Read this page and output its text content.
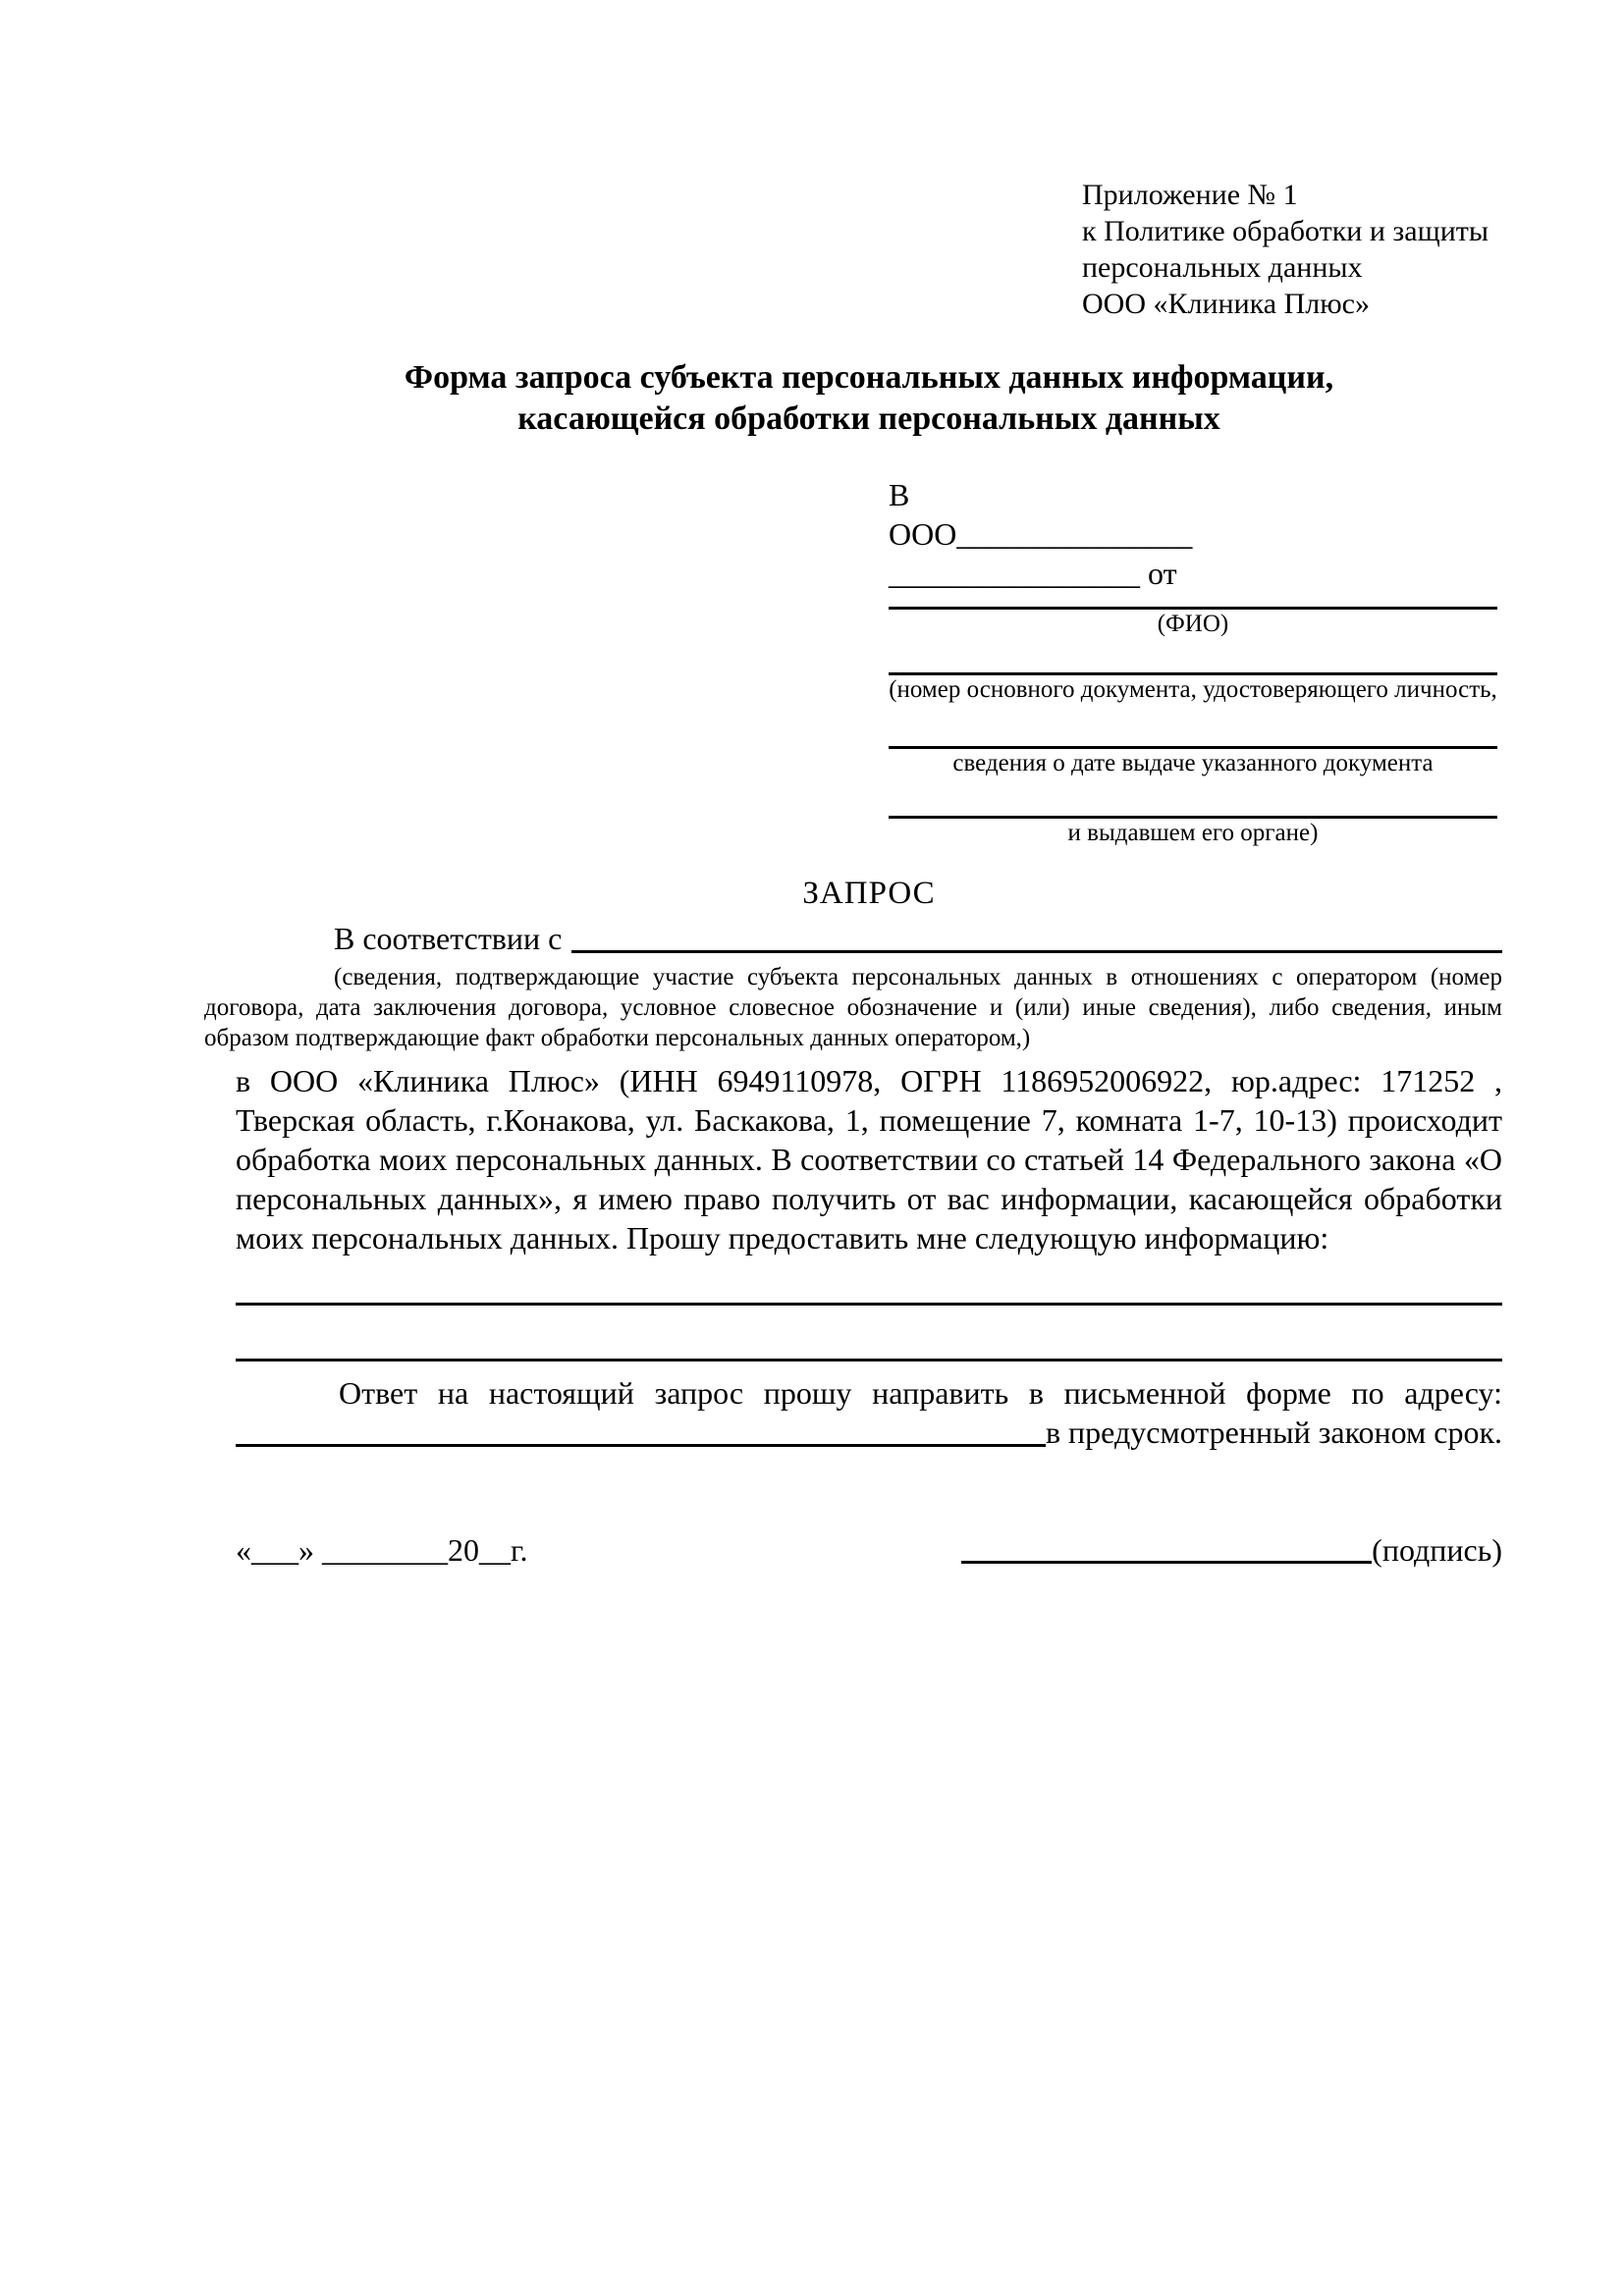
Приложение № 1
к Политике обработки и защиты
персональных данных
ООО «Клиника Плюс»
Форма запроса субъекта персональных данных информации,
касающейся обработки персональных данных
В
ООО_______________
________________ от
(ФИО)
(номер основного документа, удостоверяющего личность,
сведения о дате выдаче указанного документа
и выдавшем его органе)
ЗАПРОС
В соответствии с
(сведения, подтверждающие участие субъекта персональных данных в отношениях с оператором (номер договора, дата заключения договора, условное словесное обозначение и (или) иные сведения), либо сведения, иным образом подтверждающие факт обработки персональных данных оператором,)
в ООО «Клиника Плюс» (ИНН 6949110978, ОГРН 1186952006922, юр.адрес: 171252 , Тверская область, г.Конакова, ул. Баскакова, 1, помещение 7, комната 1-7, 10-13) происходит обработка моих персональных данных. В соответствии со статьей 14 Федерального закона «О персональных данных», я имею право получить от вас информации, касающейся обработки моих персональных данных. Прошу предоставить мне следующую информацию:
Ответ на настоящий запрос прошу направить в письменной форме по адресу:
в предусмотренный законом срок.
«___» ________20__г.	(подпись)
